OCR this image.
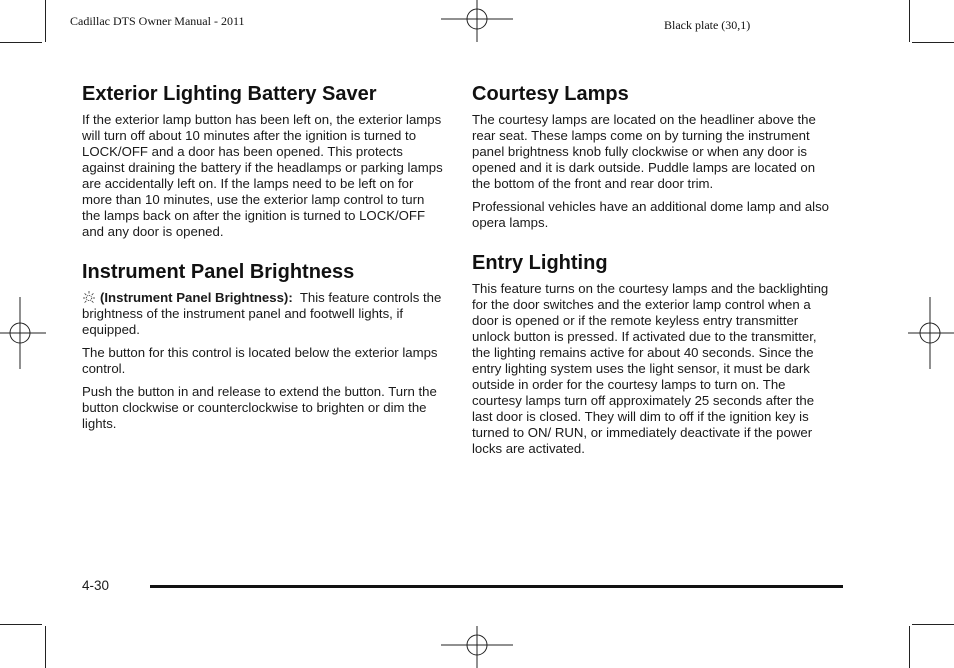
Cadillac DTS Owner Manual - 2011	Black plate (30,1)
Exterior Lighting Battery Saver

If the exterior lamp button has been left on, the exterior lamps will turn off about 10 minutes after the ignition is turned to LOCK/OFF and a door has been opened. This protects against draining the battery if the headlamps or parking lamps are accidentally left on. If the lamps need to be left on for more than 10 minutes, use the exterior lamp control to turn the lamps back on after the ignition is turned to LOCK/OFF and any door is opened.

Instrument Panel Brightness

(Instrument Panel Brightness): This feature controls the brightness of the instrument panel and footwell lights, if equipped.

The button for this control is located below the exterior lamps control.

Push the button in and release to extend the button. Turn the button clockwise or counterclockwise to brighten or dim the lights.

Courtesy Lamps

The courtesy lamps are located on the headliner above the rear seat. These lamps come on by turning the instrument panel brightness knob fully clockwise or when any door is opened and it is dark outside. Puddle lamps are located on the bottom of the front and rear door trim.

Professional vehicles have an additional dome lamp and also opera lamps.

Entry Lighting

This feature turns on the courtesy lamps and the backlighting for the door switches and the exterior lamp control when a door is opened or if the remote keyless entry transmitter unlock button is pressed. If activated due to the transmitter, the lighting remains active for about 40 seconds. Since the entry lighting system uses the light sensor, it must be dark outside in order for the courtesy lamps to turn on. The courtesy lamps turn off approximately 25 seconds after the last door is closed. They will dim to off if the ignition key is turned to ON/ RUN, or immediately deactivate if the power locks are activated.

4-30
